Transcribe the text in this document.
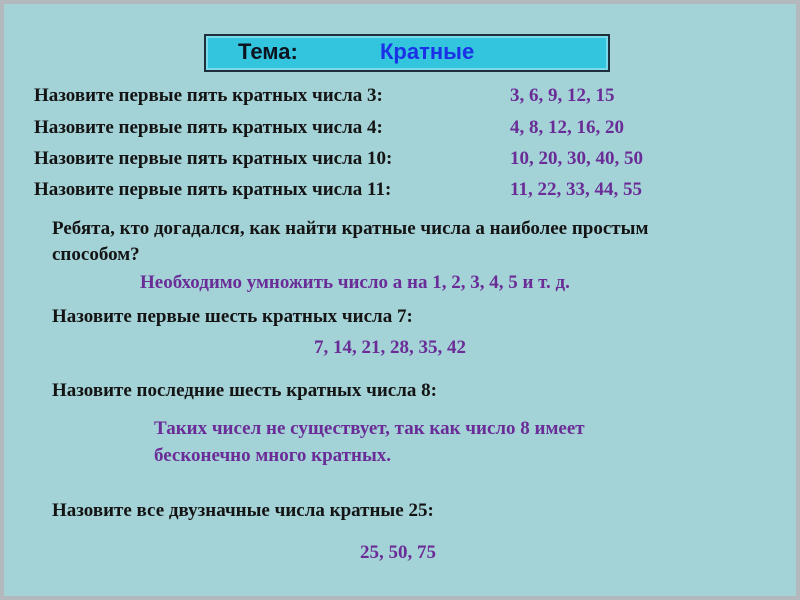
Тема:	Кратные
Назовите первые пять кратных числа 3:	3, 6, 9, 12, 15
Назовите первые пять кратных числа 4:	4, 8, 12, 16, 20
Назовите первые пять кратных числа 10:	10, 20, 30, 40, 50
Назовите первые пять кратных числа 11:	11, 22, 33, 44, 55
Ребята, кто догадался, как найти кратные числа а наиболее простым
способом?
Необходимо умножить число а на 1, 2, 3, 4, 5 и т. д.
Назовите первые шесть кратных числа 7:
7, 14, 21, 28, 35, 42
Назовите последние шесть кратных числа 8:
Таких чисел не существует, так как число 8 имеет
бесконечно много кратных.
Назовите все двузначные числа кратные 25:
25, 50, 75
